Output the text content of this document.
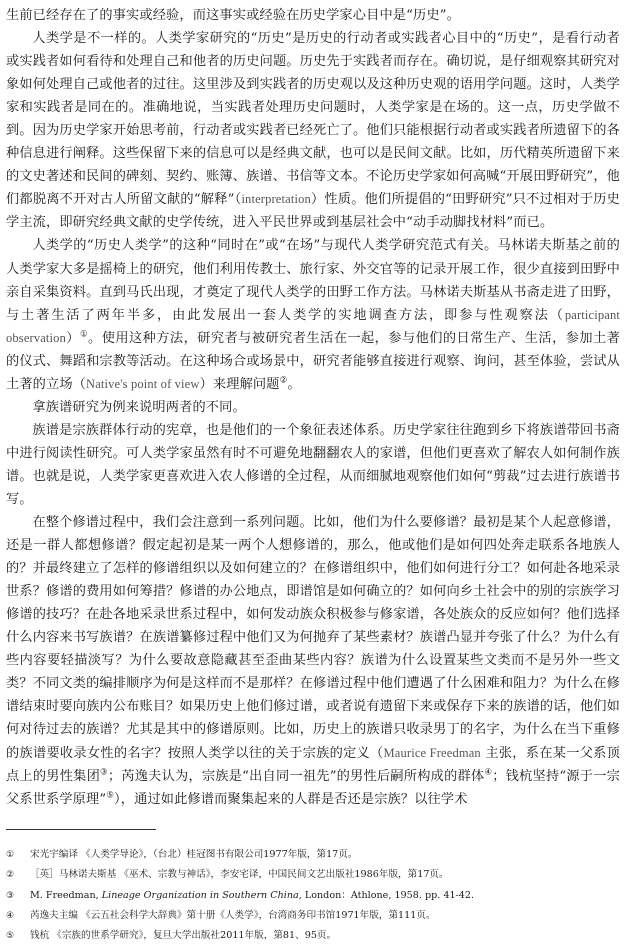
生前已经存在了的事实或经验，而这事实或经验在历史学家心目中是“历史”。

人类学是不一样的。人类学家研究的“历史”是历史的行动者或实践者心目中的“历史”，是看行动者或实践者如何看待和处理自己和他者的历史问题。历史先于实践者而存在。确切说，是仔细观察其研究对象如何处理自己或他者的过往。这里涉及到实践者的历史观以及这种历史观的语用学问题。这时，人类学家和实践者是同在的。准确地说，当实践者处理历史问题时，人类学家是在场的。这一点，历史学做不到。因为历史学家开始思考前，行动者或实践者已经死亡了。他们只能根据行动者或实践者所遗留下的各种信息进行阐释。这些保留下来的信息可以是经典文献，也可以是民间文献。比如，历代精英所遗留下来的文史著述和民间的碑刻、契约、账簿、族谱、书信等文本。不论历史学家如何高喊“开展田野研究”，他们都脱离不开对古人所留文献的“解释”（interpretation）性质。他们所提倡的“田野研究”只不过相对于历史学主流，即研究经典文献的史学传统，进入平民世界或到基层社会中“动手动脚找材料”而已。

人类学的“历史人类学”的这种“同时在”或“在场”与现代人类学研究范式有关。马林诺夫斯基之前的人类学家大多是摇椅上的研究，他们利用传教士、旅行家、外交官等的记录开展工作，很少直接到田野中亲自采集资料。直到马氏出现，才奠定了现代人类学的田野工作方法。马林诺夫斯基从书斋走进了田野，与土著生活了两年半多，由此发展出一套人类学的实地调查方法，即参与性观察法（participant observation）①。使用这种方法，研究者与被研究者生活在一起，参与他们的日常生产、生活，参加土著的仪式、舞蹈和宗教等活动。在这种场合或场景中，研究者能够直接进行观察、询问，甚至体验，尝试从土著的立场（Native's point of view）来理解问题②。

拿族谱研究为例来说明两者的不同。

族谱是宗族群体行动的宪章，也是他们的一个象征表述体系。历史学家往往跑到乡下将族谱带回书斋中进行阅读性研究。可人类学家虽然有时不可避免地翻翻农人的家谱，但他们更喜欢了解农人如何制作族谱。也就是说，人类学家更喜欢进入农人修谱的全过程，从而细腻地观察他们如何“剪裁”过去进行族谱书写。

在整个修谱过程中，我们会注意到一系列问题。比如，他们为什么要修谱？最初是某个人起意修谱，还是一群人都想修谱？假定起初是某一两个人想修谱的，那么，他或他们是如何四处奔走联系各地族人的？并最终建立了怎样的修谱组织以及如何建立的？在修谱组织中，他们如何进行分工？如何赴各地采录世系？修谱的费用如何筹措？修谱的办公地点，即谱馆是如何确立的？如何向乡土社会中的别的宗族学习修谱的技巧？在赴各地采录世系过程中，如何发动族众积极参与修家谱，各处族众的反应如何？他们选择什么内容来书写族谱？在族谱纂修过程中他们又为何抛弃了某些素材？族谱凸显并夸张了什么？为什么有些内容要轻描淡写？为什么要故意隐藏甚至歪曲某些内容？族谱为什么设置某些文类而不是另外一些文类？不同文类的编排顺序为何是这样而不是那样？在修谱过程中他们遭遇了什么困难和阻力？为什么在修谱结束时要向族内公布账目？如果历史上他们修过谱，或者说有遗留下来或保存下来的族谱的话，他们如何对待过去的族谱？尤其是其中的修谱原则。比如，历史上的族谱只收录男丁的名字，为什么在当下重修的族谱要收录女性的名字？按照人类学以往的关于宗族的定义（Maurice Freedman 主张，系在某一父系顶点上的男性集团③；芮逸夫认为，宗族是“出自同一祖先”的男性后嗣所构成的群体④；钱杭坚持“源于一宗父系世系学原理”⑤），通过如此修谱而聚集起来的人群是否还是宗族？以往学术

①	宋光宇编译 《人类学导论》，（台北）桂冠图书有限公司1977年版，第17页。
②	［英］马林诺夫斯基 《巫术、宗教与神话》，李安宅译，中国民间文艺出版社1986年版，第17页。
③	M. Freedman, Lineage Organization in Southern China, London：Athlone, 1958. pp. 41-42.
④	芮逸夫主编 《云五社会科学大辞典》第十册《人类学》，台湾商务印书馆1971年版，第111页。
⑤	钱杭 《宗族的世系学研究》，复旦大学出版社2011年版，第81、95页。
